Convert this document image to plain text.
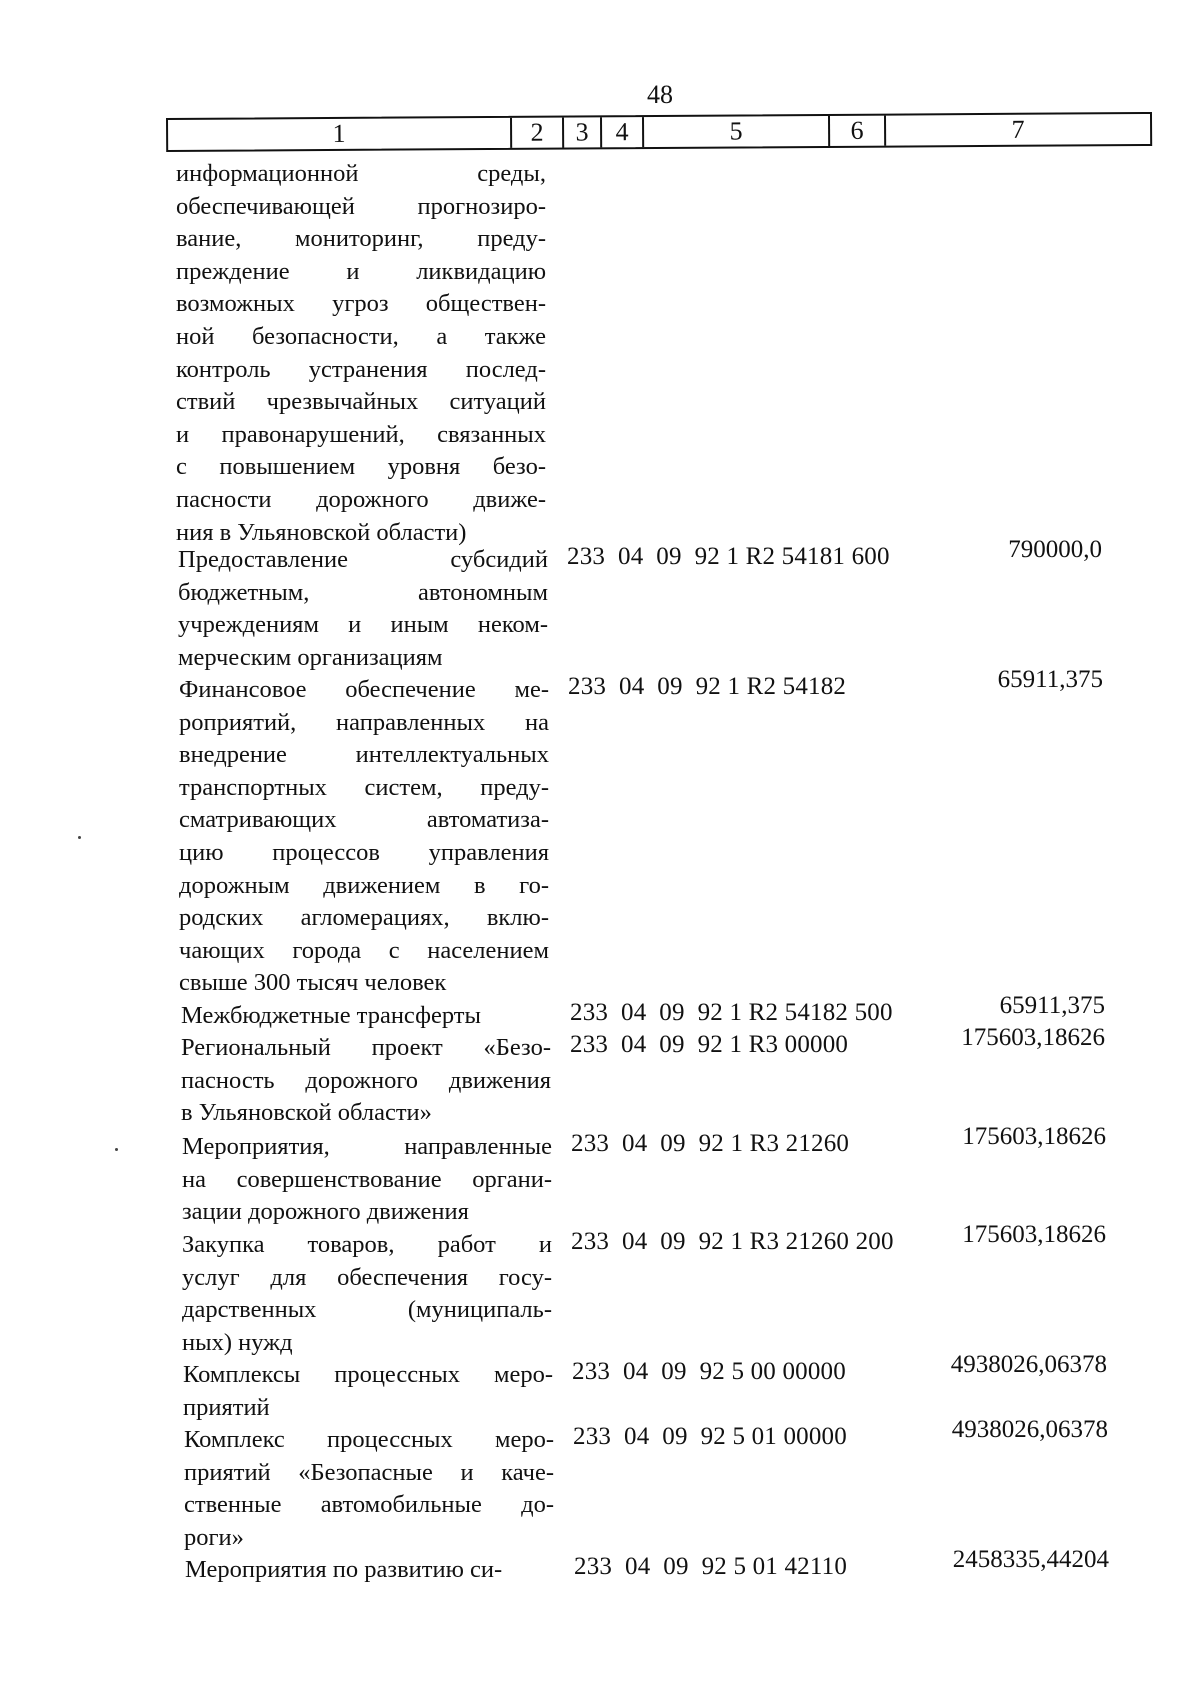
48
1	2	3	4	5	6	7
информационной среды,
обеспечивающей прогнозиро-
вание, мониторинг, преду-
преждение и ликвидацию
возможных угроз обществен-
ной безопасности, а также
контроль устранения послед-
ствий чрезвычайных ситуаций
и правонарушений, связанных
с повышением уровня безо-
пасности дорожного движе-
ния в Ульяновской области)
Предоставление субсидий
бюджетным, автономным
учреждениям и иным неком-
мерческим организациям
233  04  09  92 1 R2 54181 600	790000,0
Финансовое обеспечение ме-
роприятий, направленных на
внедрение интеллектуальных
транспортных систем, преду-
сматривающих автоматиза-
цию процессов управления
дорожным движением в го-
родских агломерациях, вклю-
чающих города с населением
свыше 300 тысяч человек
233  04  09  92 1 R2 54182	65911,375
Межбюджетные трансферты	233  04  09  92 1 R2 54182 500	65911,375
Региональный проект «Безо-
пасность дорожного движения
в Ульяновской области»
233  04  09  92 1 R3 00000	175603,18626
Мероприятия, направленные
на совершенствование органи-
зации дорожного движения
233  04  09  92 1 R3 21260	175603,18626
Закупка товаров, работ и
услуг для обеспечения госу-
дарственных (муниципаль-
ных) нужд
233  04  09  92 1 R3 21260 200	175603,18626
Комплексы процессных меро-
приятий
233  04  09  92 5 00 00000	4938026,06378
Комплекс процессных меро-
приятий «Безопасные и каче-
ственные автомобильные до-
роги»
233  04  09  92 5 01 00000	4938026,06378
Мероприятия по развитию си-	233  04  09  92 5 01 42110	2458335,44204
